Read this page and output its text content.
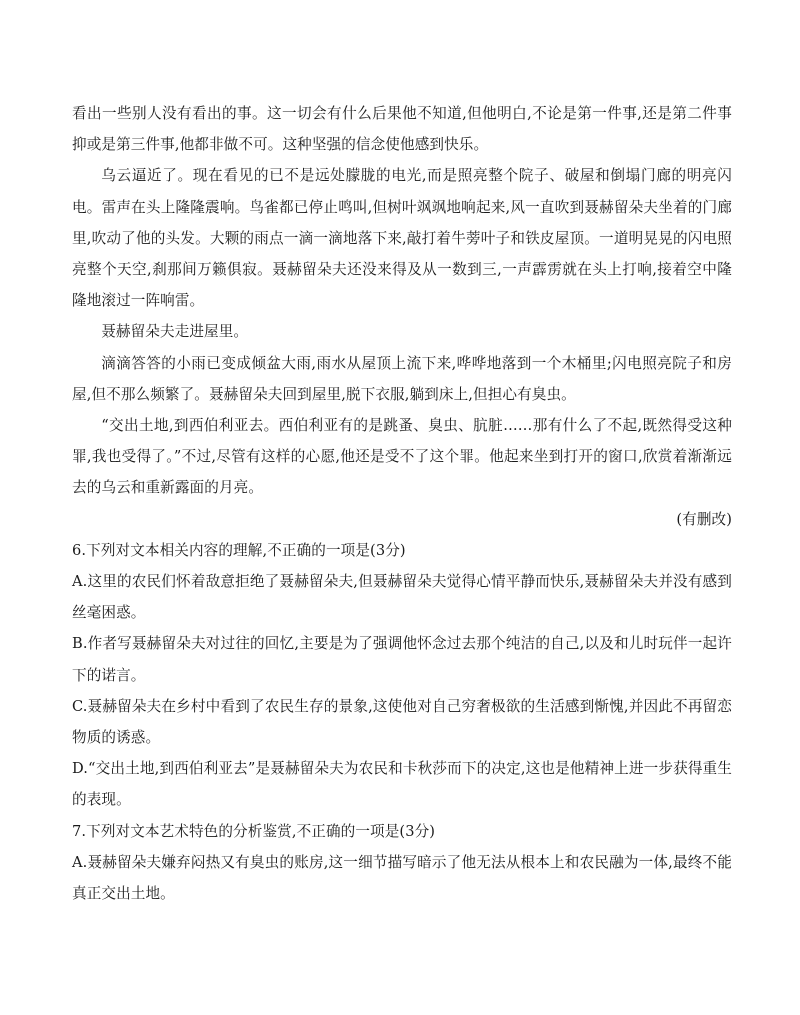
看出一些别人没有看出的事。这一切会有什么后果他不知道,但他明白,不论是第一件事,还是第二件事抑或是第三件事,他都非做不可。这种坚强的信念使他感到快乐。

乌云逼近了。现在看见的已不是远处朦胧的电光,而是照亮整个院子、破屋和倒塌门廊的明亮闪电。雷声在头上隆隆震响。鸟雀都已停止鸣叫,但树叶飒飒地响起来,风一直吹到聂赫留朵夫坐着的门廊里,吹动了他的头发。大颗的雨点一滴一滴地落下来,敲打着牛蒡叶子和铁皮屋顶。一道明晃晃的闪电照亮整个天空,刹那间万籁俱寂。聂赫留朵夫还没来得及从一数到三,一声霹雳就在头上打响,接着空中隆隆地滚过一阵响雷。

聂赫留朵夫走进屋里。

滴滴答答的小雨已变成倾盆大雨,雨水从屋顶上流下来,哗哗地落到一个木桶里;闪电照亮院子和房屋,但不那么频繁了。聂赫留朵夫回到屋里,脱下衣服,躺到床上,但担心有臭虫。

“交出土地,到西伯利亚去。西伯利亚有的是跳蚤、臭虫、肮脏……那有什么了不起,既然得受这种罪,我也受得了。”不过,尽管有这样的心愿,他还是受不了这个罪。他起来坐到打开的窗口,欣赏着渐渐远去的乌云和重新露面的月亮。

(有删改)

6.下列对文本相关内容的理解,不正确的一项是(3分)

A.这里的农民们怀着敌意拒绝了聂赫留朵夫,但聂赫留朵夫觉得心情平静而快乐,聂赫留朵夫并没有感到丝毫困惑。

B.作者写聂赫留朵夫对过往的回忆,主要是为了强调他怀念过去那个纯洁的自己,以及和儿时玩伴一起许下的诺言。

C.聂赫留朵夫在乡村中看到了农民生存的景象,这使他对自己穷奢极欲的生活感到惭愧,并因此不再留恋物质的诱惑。

D.“交出土地,到西伯利亚去”是聂赫留朵夫为农民和卡秋莎而下的决定,这也是他精神上进一步获得重生的表现。

7.下列对文本艺术特色的分析鉴赏,不正确的一项是(3分)

A.聂赫留朵夫嫌弃闷热又有臭虫的账房,这一细节描写暗示了他无法从根本上和农民融为一体,最终不能真正交出土地。
